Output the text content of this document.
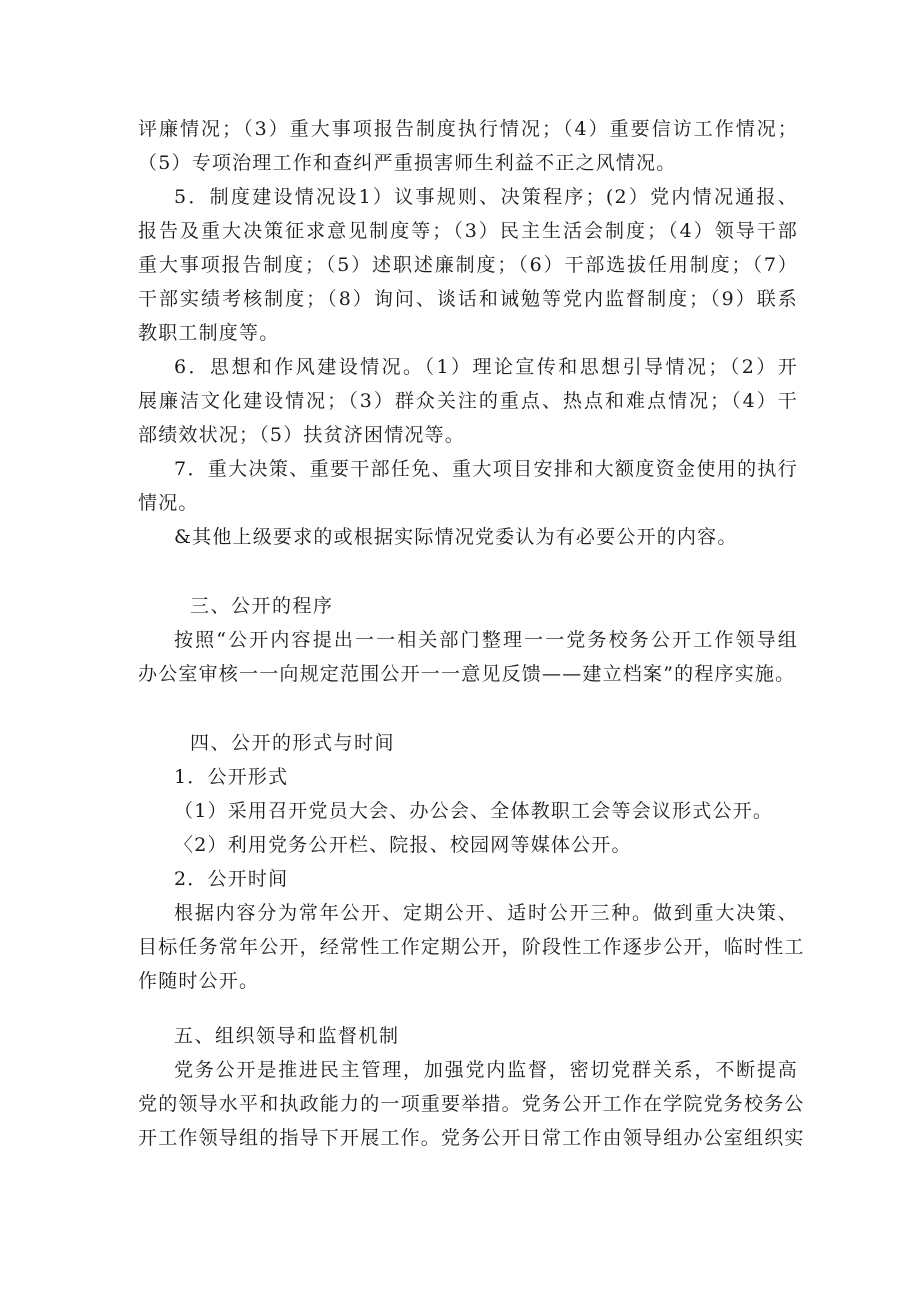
评廉情况；（3）重大事项报告制度执行情况；（4）重要信访工作情况；
（5）专项治理工作和查纠严重损害师生利益不正之风情况。
5．制度建设情况设1）议事规则、决策程序；(2）党内情况通报、
报告及重大决策征求意见制度等；（3）民主生活会制度；（4）领导干部
重大事项报告制度；（5）述职述廉制度；（6）干部选拔任用制度；（7）
干部实绩考核制度；（8）询问、谈话和诫勉等党内监督制度；（9）联系
教职工制度等。
6．思想和作风建设情况。（1）理论宣传和思想引导情况；（2）开
展廉洁文化建设情况；（3）群众关注的重点、热点和难点情况；（4）干
部绩效状况；（5）扶贫济困情况等。
7．重大决策、重要干部任免、重大项目安排和大额度资金使用的执行
情况。
&其他上级要求的或根据实际情况党委认为有必要公开的内容。
三、公开的程序
按照“公开内容提出一一相关部门整理一一党务校务公开工作领导组
办公室审核一一向规定范围公开一一意见反馈——建立档案”的程序实施。
四、公开的形式与时间
1．公开形式
（1）采用召开党员大会、办公会、全体教职工会等会议形式公开。
〈2）利用党务公开栏、院报、校园网等媒体公开。
2．公开时间
根据内容分为常年公开、定期公开、适时公开三种。做到重大决策、
目标任务常年公开，经常性工作定期公开，阶段性工作逐步公开，临时性工
作随时公开。
五、组织领导和监督机制
党务公开是推进民主管理，加强党内监督，密切党群关系，不断提高
党的领导水平和执政能力的一项重要举措。党务公开工作在学院党务校务公
开工作领导组的指导下开展工作。党务公开日常工作由领导组办公室组织实
